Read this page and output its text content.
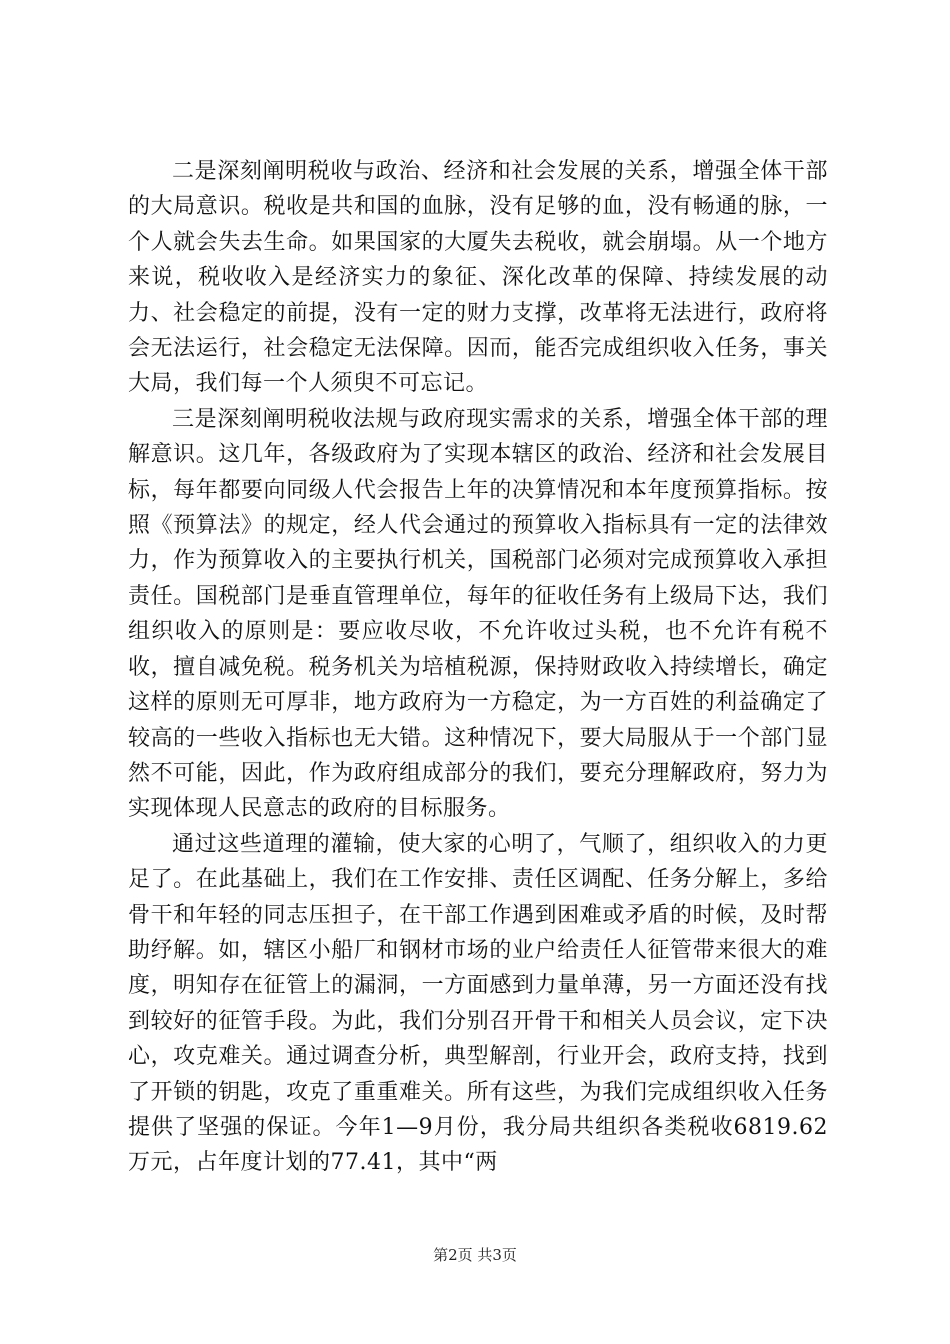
二是深刻阐明税收与政治、经济和社会发展的关系，增强全体干部的大局意识。税收是共和国的血脉，没有足够的血，没有畅通的脉，一个人就会失去生命。如果国家的大厦失去税收，就会崩塌。从一个地方来说，税收收入是经济实力的象征、深化改革的保障、持续发展的动力、社会稳定的前提，没有一定的财力支撑，改革将无法进行，政府将会无法运行，社会稳定无法保障。因而，能否完成组织收入任务，事关大局，我们每一个人须臾不可忘记。

三是深刻阐明税收法规与政府现实需求的关系，增强全体干部的理解意识。这几年，各级政府为了实现本辖区的政治、经济和社会发展目标，每年都要向同级人代会报告上年的决算情况和本年度预算指标。按照《预算法》的规定，经人代会通过的预算收入指标具有一定的法律效力，作为预算收入的主要执行机关，国税部门必须对完成预算收入承担责任。国税部门是垂直管理单位，每年的征收任务有上级局下达，我们组织收入的原则是：要应收尽收，不允许收过头税，也不允许有税不收，擅自减免税。税务机关为培植税源，保持财政收入持续增长，确定这样的原则无可厚非，地方政府为一方稳定，为一方百姓的利益确定了较高的一些收入指标也无大错。这种情况下，要大局服从于一个部门显然不可能，因此，作为政府组成部分的我们，要充分理解政府，努力为实现体现人民意志的政府的目标服务。

通过这些道理的灌输，使大家的心明了，气顺了，组织收入的力更足了。在此基础上，我们在工作安排、责任区调配、任务分解上，多给骨干和年轻的同志压担子，在干部工作遇到困难或矛盾的时候，及时帮助纾解。如，辖区小船厂和钢材市场的业户给责任人征管带来很大的难度，明知存在征管上的漏洞，一方面感到力量单薄，另一方面还没有找到较好的征管手段。为此，我们分别召开骨干和相关人员会议，定下决心，攻克难关。通过调查分析，典型解剖，行业开会，政府支持，找到了开锁的钥匙，攻克了重重难关。所有这些，为我们完成组织收入任务提供了坚强的保证。今年1—9月份，我分局共组织各类税收6819.62万元，占年度计划的77.41，其中“两

第2页 共3页
